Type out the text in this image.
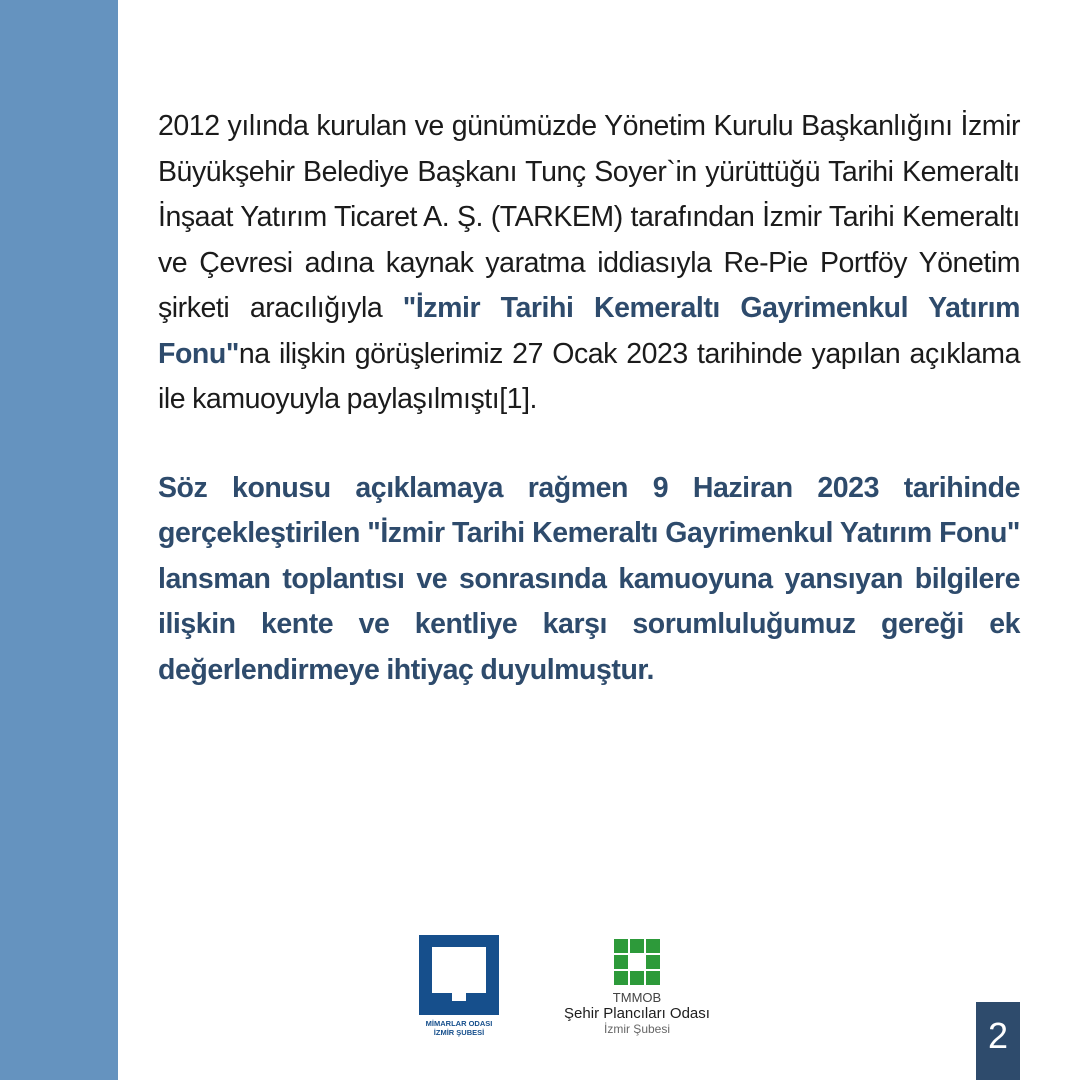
2012 yılında kurulan ve günümüzde Yönetim Kurulu Başkanlığını İzmir Büyükşehir Belediye Başkanı Tunç Soyer`in yürüttüğü Tarihi Kemeraltı İnşaat Yatırım Ticaret A. Ş. (TARKEM) tarafından İzmir Tarihi Kemeraltı ve Çevresi adına kaynak yaratma iddiasıyla Re-Pie Portföy Yönetim şirketi aracılığıyla "İzmir Tarihi Kemeraltı Gayrimenkul Yatırım Fonu"na ilişkin görüşlerimiz 27 Ocak 2023 tarihinde yapılan açıklama ile kamuoyuyla paylaşılmıştı[1].

Söz konusu açıklamaya rağmen 9 Haziran 2023 tarihinde gerçekleştirilen "İzmir Tarihi Kemeraltı Gayrimenkul Yatırım Fonu" lansman toplantısı ve sonrasında kamuoyuna yansıyan bilgilere ilişkin kente ve kentliye karşı sorumluluğumuz gereği ek değerlendirmeye ihtiyaç duyulmuştur.

MİMARLAR ODASI
İZMİR ŞUBESİ
TMMOB
Şehir Plancıları Odası
İzmir Şubesi	2
